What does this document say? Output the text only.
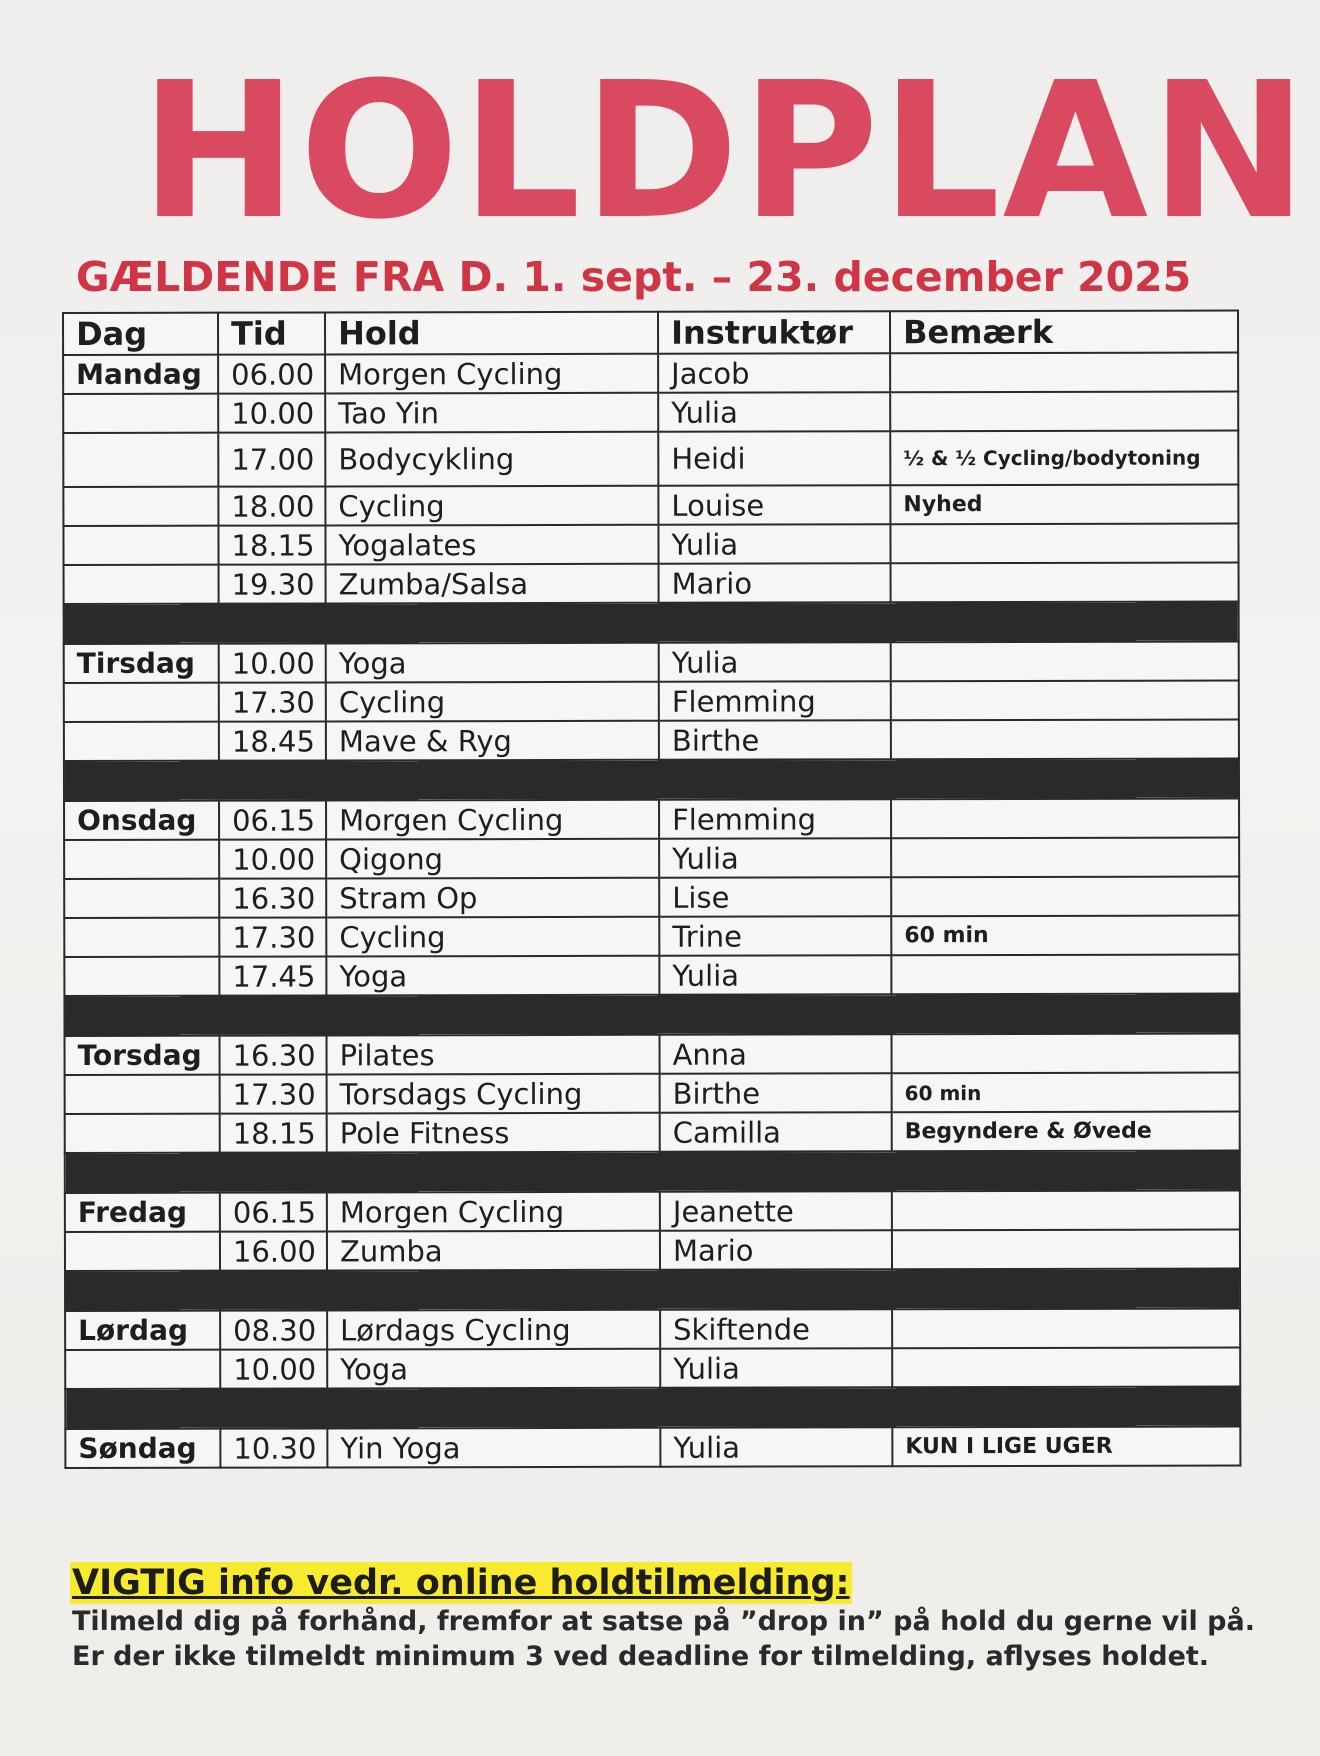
HOLDPLAN
GÆLDENDE FRA D. 1. sept. – 23. december 2025
Dag	Tid	Hold	Instruktør	Bemærk
Mandag	06.00	Morgen Cycling	Jacob	
	10.00	Tao Yin	Yulia	
	17.00	Bodycykling	Heidi	½ & ½ Cycling/bodytoning
	18.00	Cycling	Louise	Nyhed
	18.15	Yogalates	Yulia	
	19.30	Zumba/Salsa	Mario	

Tirsdag	10.00	Yoga	Yulia	
	17.30	Cycling	Flemming	
	18.45	Mave & Ryg	Birthe	

Onsdag	06.15	Morgen Cycling	Flemming	
	10.00	Qigong	Yulia	
	16.30	Stram Op	Lise	
	17.30	Cycling	Trine	60 min
	17.45	Yoga	Yulia	

Torsdag	16.30	Pilates	Anna	
	17.30	Torsdags Cycling	Birthe	60 min
	18.15	Pole Fitness	Camilla	Begyndere & Øvede

Fredag	06.15	Morgen Cycling	Jeanette	
	16.00	Zumba	Mario	

Lørdag	08.30	Lørdags Cycling	Skiftende	
	10.00	Yoga	Yulia	

Søndag	10.30	Yin Yoga	Yulia	KUN I LIGE UGER
VIGTIG info vedr. online holdtilmelding:
Tilmeld dig på forhånd, fremfor at satse på ”drop in” på hold du gerne vil på.
Er der ikke tilmeldt minimum 3 ved deadline for tilmelding, aflyses holdet.
